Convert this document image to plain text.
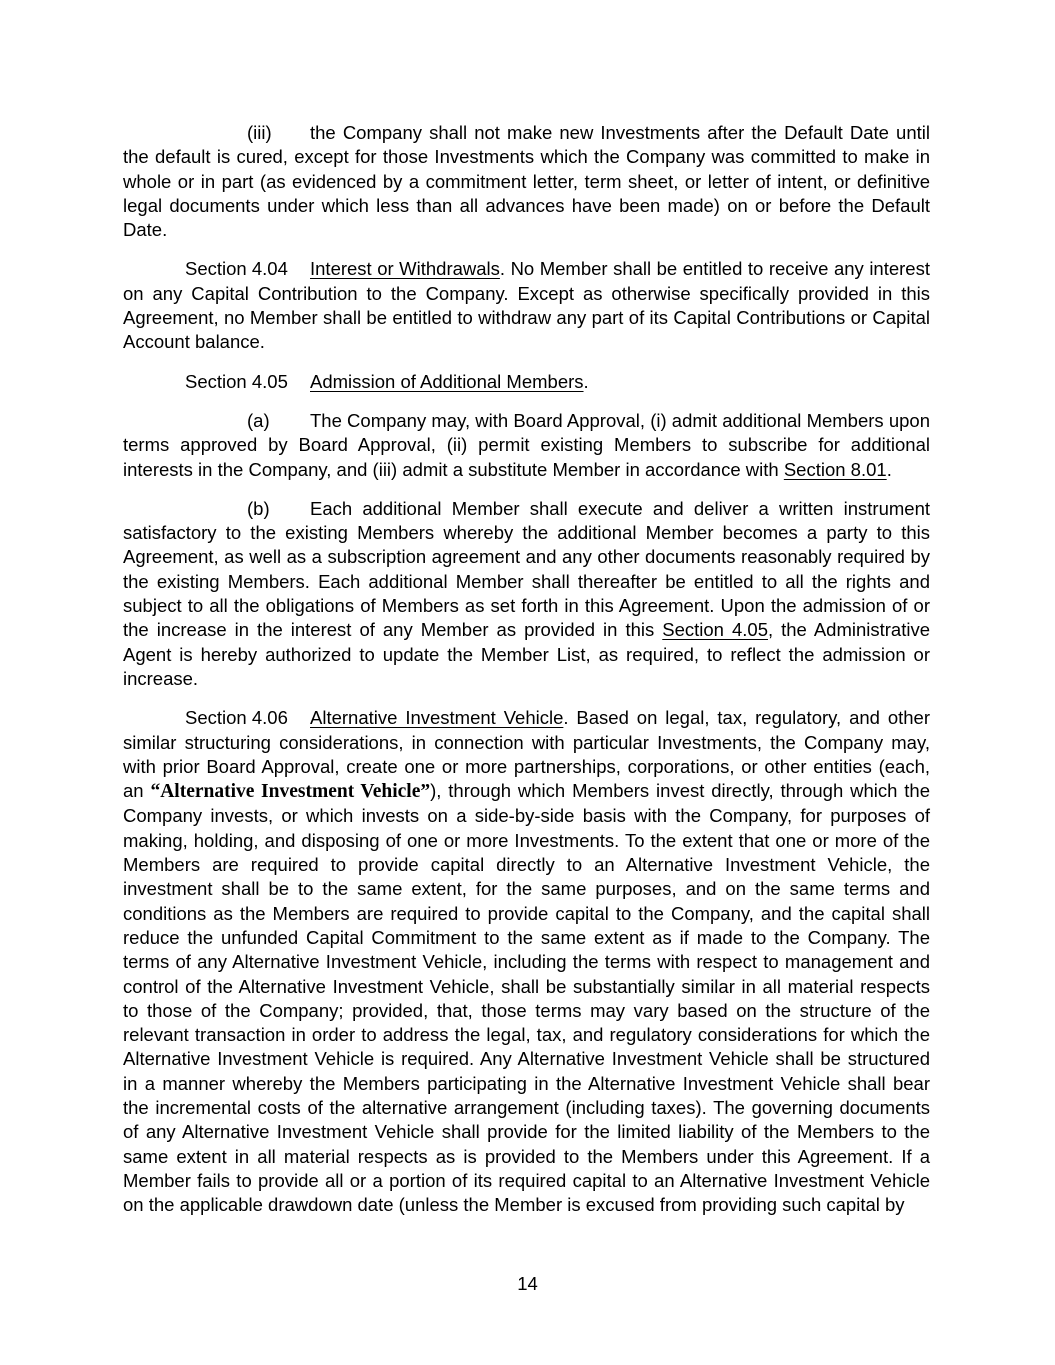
(iii) the Company shall not make new Investments after the Default Date until the default is cured, except for those Investments which the Company was committed to make in whole or in part (as evidenced by a commitment letter, term sheet, or letter of intent, or definitive legal documents under which less than all advances have been made) on or before the Default Date.

Section 4.04 Interest or Withdrawals. No Member shall be entitled to receive any interest on any Capital Contribution to the Company. Except as otherwise specifically provided in this Agreement, no Member shall be entitled to withdraw any part of its Capital Contributions or Capital Account balance.

Section 4.05 Admission of Additional Members.

(a) The Company may, with Board Approval, (i) admit additional Members upon terms approved by Board Approval, (ii) permit existing Members to subscribe for additional interests in the Company, and (iii) admit a substitute Member in accordance with Section 8.01.

(b) Each additional Member shall execute and deliver a written instrument satisfactory to the existing Members whereby the additional Member becomes a party to this Agreement, as well as a subscription agreement and any other documents reasonably required by the existing Members. Each additional Member shall thereafter be entitled to all the rights and subject to all the obligations of Members as set forth in this Agreement. Upon the admission of or the increase in the interest of any Member as provided in this Section 4.05, the Administrative Agent is hereby authorized to update the Member List, as required, to reflect the admission or increase.

Section 4.06 Alternative Investment Vehicle. Based on legal, tax, regulatory, and other similar structuring considerations, in connection with particular Investments, the Company may, with prior Board Approval, create one or more partnerships, corporations, or other entities (each, an “Alternative Investment Vehicle”), through which Members invest directly, through which the Company invests, or which invests on a side-by-side basis with the Company, for purposes of making, holding, and disposing of one or more Investments. To the extent that one or more of the Members are required to provide capital directly to an Alternative Investment Vehicle, the investment shall be to the same extent, for the same purposes, and on the same terms and conditions as the Members are required to provide capital to the Company, and the capital shall reduce the unfunded Capital Commitment to the same extent as if made to the Company. The terms of any Alternative Investment Vehicle, including the terms with respect to management and control of the Alternative Investment Vehicle, shall be substantially similar in all material respects to those of the Company; provided, that, those terms may vary based on the structure of the relevant transaction in order to address the legal, tax, and regulatory considerations for which the Alternative Investment Vehicle is required. Any Alternative Investment Vehicle shall be structured in a manner whereby the Members participating in the Alternative Investment Vehicle shall bear the incremental costs of the alternative arrangement (including taxes). The governing documents of any Alternative Investment Vehicle shall provide for the limited liability of the Members to the same extent in all material respects as is provided to the Members under this Agreement. If a Member fails to provide all or a portion of its required capital to an Alternative Investment Vehicle on the applicable drawdown date (unless the Member is excused from providing such capital by

14
